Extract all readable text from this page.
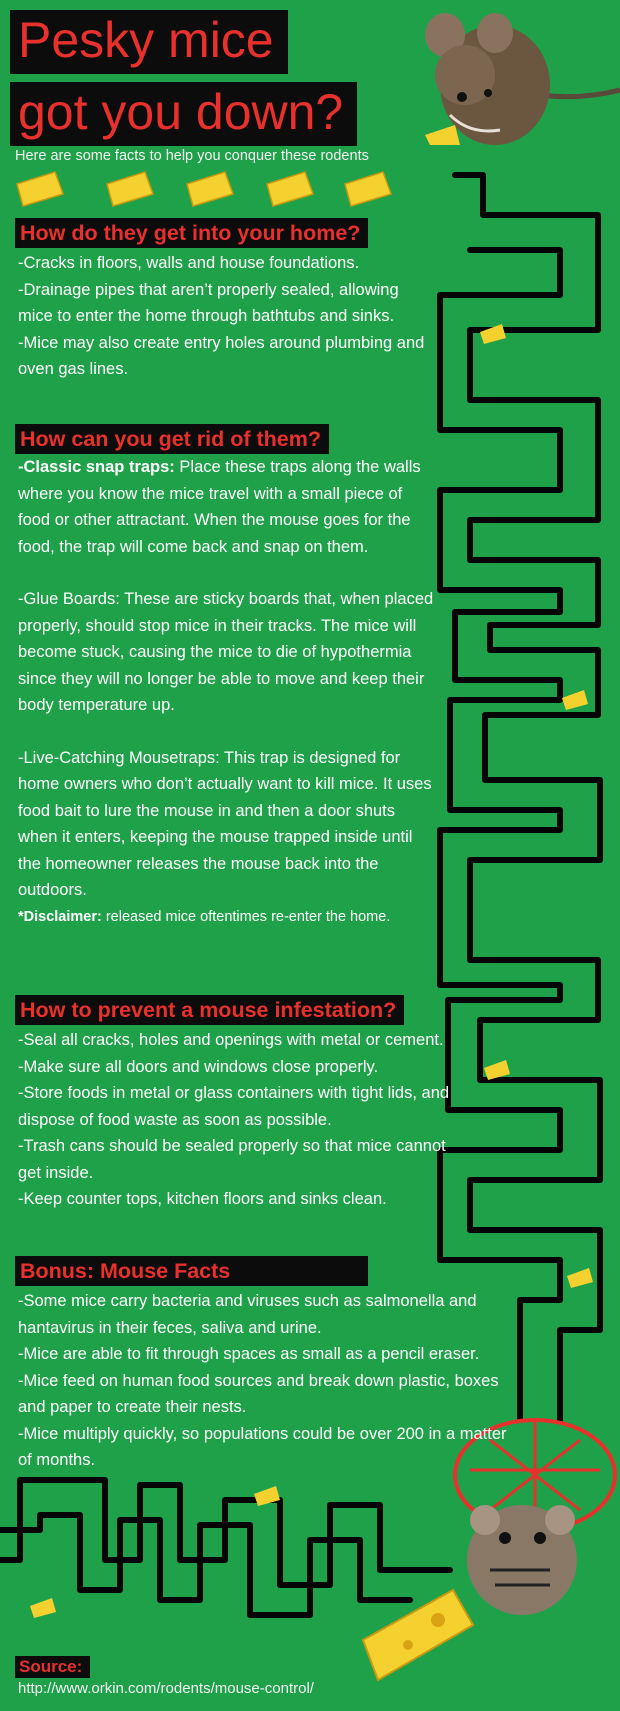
Pesky mice
got you down?
Here are some facts to help you conquer these rodents
How do they get into your home?

-Cracks in floors, walls and house foundations.

-Drainage pipes that aren’t properly sealed, allowing mice to enter the home through bathtubs and sinks.

-Mice may also create entry holes around plumbing and oven gas lines.

How can you get rid of them?

-Classic snap traps: Place these traps along the walls where you know the mice travel with a small piece of food or other attractant. When the mouse goes for the food, the trap will come back and snap on them.

-Glue Boards: These are sticky boards that, when placed properly, should stop mice in their tracks. The mice will become stuck, causing the mice to die of hypothermia since they will no longer be able to move and keep their body temperature up.

-Live-Catching Mousetraps: This trap is designed for home owners who don’t actually want to kill mice. It uses food bait to lure the mouse in and then a door shuts when it enters, keeping the mouse trapped inside until the homeowner releases the mouse back into the outdoors.

*Disclaimer: released mice oftentimes re-enter the home.

How to prevent a mouse infestation?

-Seal all cracks, holes and openings with metal or cement.

-Make sure all doors and windows close properly.

-Store foods in metal or glass containers with tight lids, and dispose of food waste as soon as possible.

-Trash cans should be sealed properly so that mice cannot get inside.

-Keep counter tops, kitchen floors and sinks clean.

Bonus: Mouse Facts

-Some mice carry bacteria and viruses such as salmonella and hantavirus in their feces, saliva and urine.

-Mice are able to fit through spaces as small as a pencil eraser.

-Mice feed on human food sources and break down plastic, boxes and paper to create their nests.

-Mice multiply quickly, so populations could be over 200 in a matter of months.

Source:
http://www.orkin.com/rodents/mouse-control/
